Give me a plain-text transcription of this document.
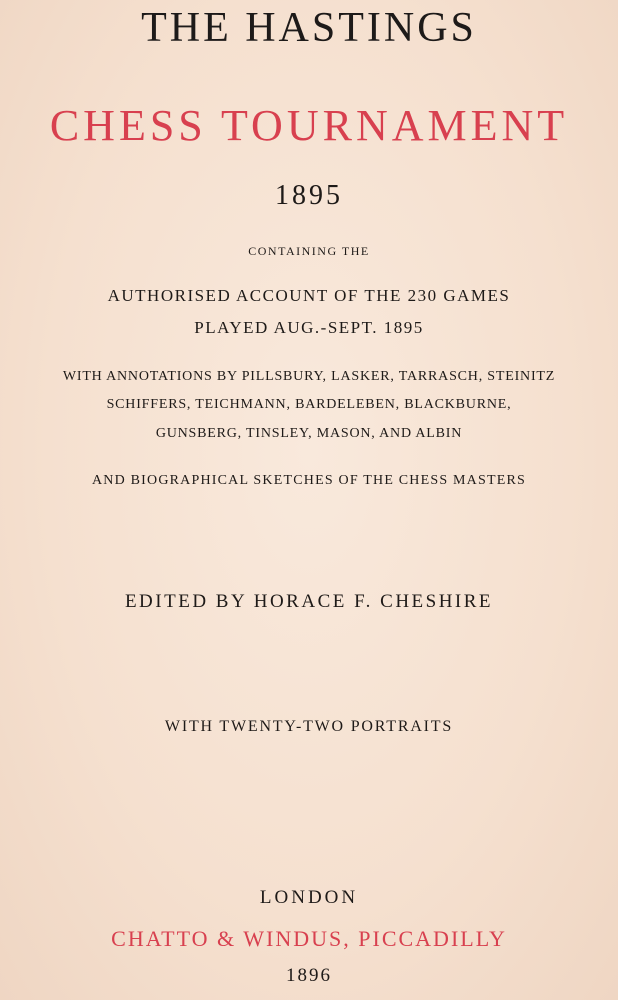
THE HASTINGS
CHESS TOURNAMENT
1895
CONTAINING THE
AUTHORISED ACCOUNT OF THE 230 GAMES
PLAYED AUG.-SEPT. 1895
WITH ANNOTATIONS BY PILLSBURY, LASKER, TARRASCH, STEINITZ
SCHIFFERS, TEICHMANN, BARDELEBEN, BLACKBURNE,
GUNSBERG, TINSLEY, MASON, AND ALBIN
AND BIOGRAPHICAL SKETCHES OF THE CHESS MASTERS
EDITED BY HORACE F. CHESHIRE
WITH TWENTY-TWO PORTRAITS
LONDON
CHATTO & WINDUS, PICCADILLY
1896
